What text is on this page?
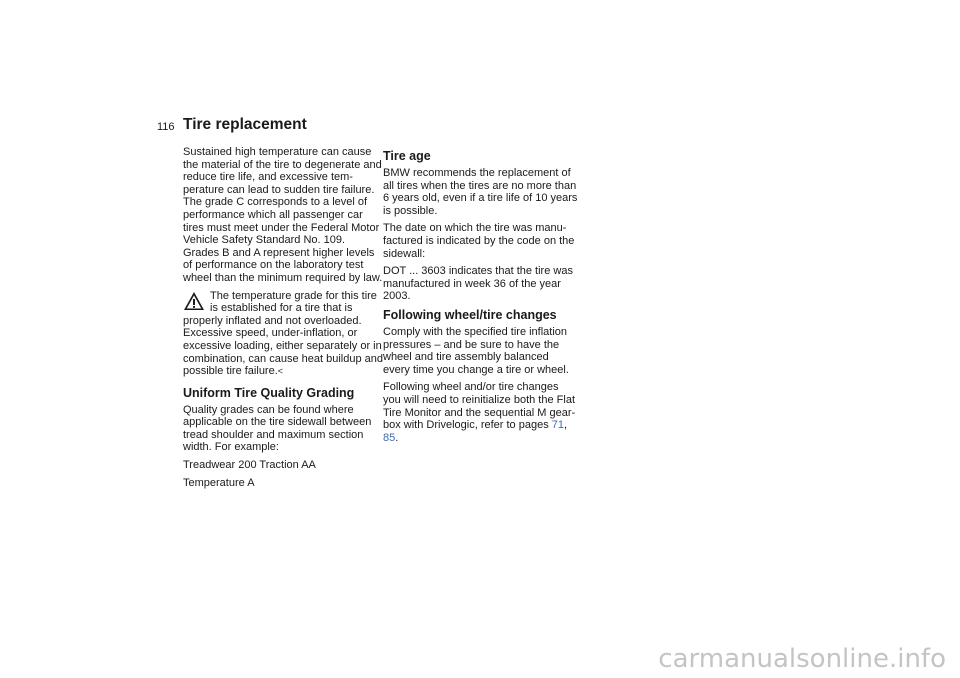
116 Tire replacement

Sustained high temperature can cause the material of the tire to degenerate and reduce tire life, and excessive tem-perature can lead to sudden tire failure. The grade C corresponds to a level of performance which all passenger car tires must meet under the Federal Motor Vehicle Safety Standard No. 109. Grades B and A represent higher levels of performance on the laboratory test wheel than the minimum required by law.

The temperature grade for this tire is established for a tire that is properly inflated and not overloaded. Excessive speed, under-inflation, or excessive loading, either separately or in combination, can cause heat buildup and possible tire failure.<
Uniform Tire Quality Grading

Quality grades can be found where applicable on the tire sidewall between tread shoulder and maximum section width. For example:

Treadwear 200 Traction AA

Temperature A

Tire age

BMW recommends the replacement of all tires when the tires are no more than 6 years old, even if a tire life of 10 years is possible.

The date on which the tire was manu-factured is indicated by the code on the sidewall:

DOT ... 3603 indicates that the tire was manufactured in week 36 of the year 2003.

Following wheel/tire changes

Comply with the specified tire inflation pressures – and be sure to have the wheel and tire assembly balanced every time you change a tire or wheel.

Following wheel and/or tire changes you will need to reinitialize both the Flat Tire Monitor and the sequential M gear-box with Drivelogic, refer to pages 71, 85.

carmanualsonline.info
